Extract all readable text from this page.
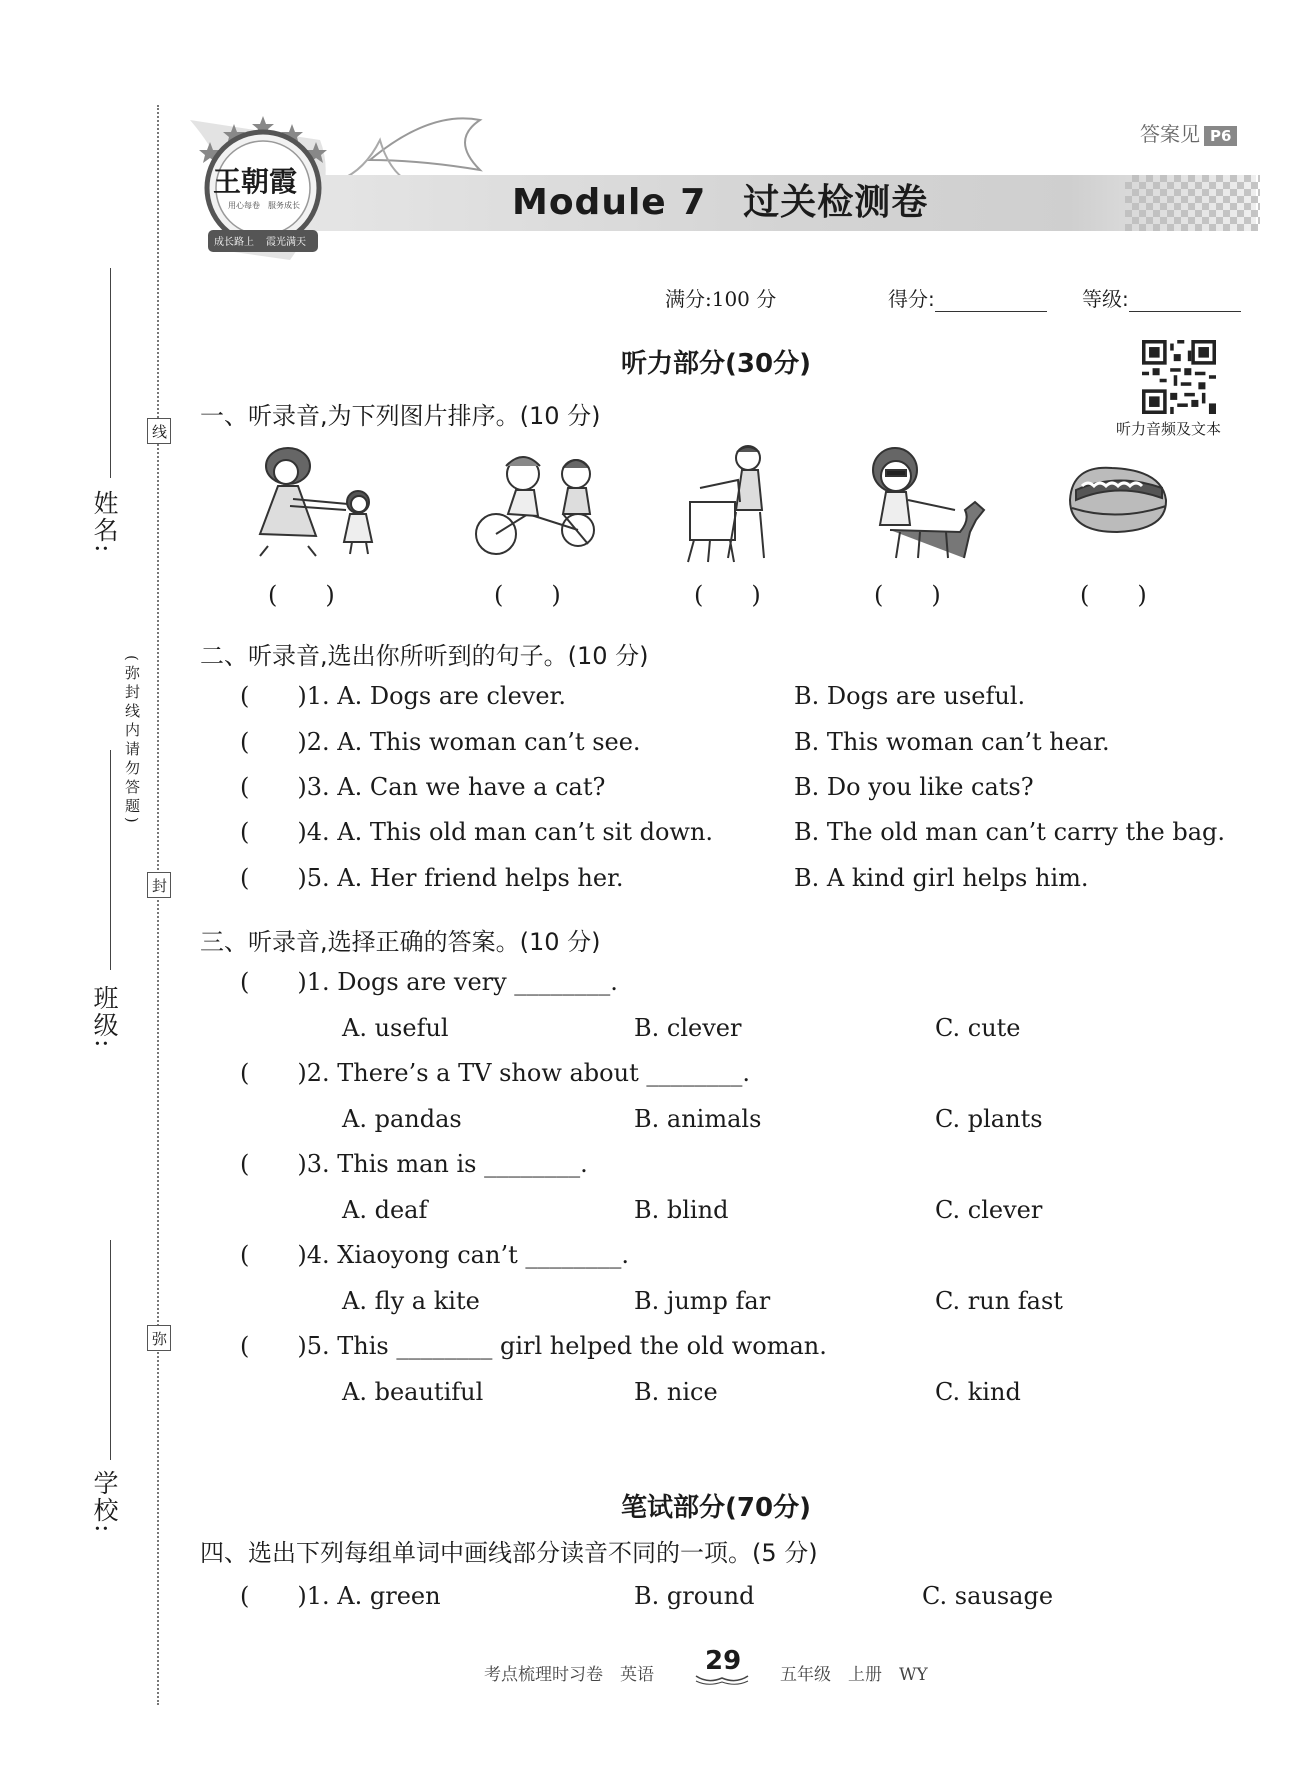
姓名:
班级:
学校:
线
(弥封线内请勿答题)
封
弥
答案见 P6
王朝霞
用心每卷　服务成长
成长路上 霞光满天
Module 7　过关检测卷
满分:100 分	得分:	等级:
听力部分(30分)
听力音频及文本
一、听录音,为下列图片排序。(10 分)
(　　)	(　　)	(　　)	(　　)	(　　)
二、听录音,选出你所听到的句子。(10 分)
( )1. A. Dogs are clever.	B. Dogs are useful.
( )2. A. This woman can’t see.	B. This woman can’t hear.
( )3. A. Can we have a cat?	B. Do you like cats?
( )4. A. This old man can’t sit down.	B. The old man can’t carry the bag.
( )5. A. Her friend helps her.	B. A kind girl helps him.
三、听录音,选择正确的答案。(10 分)
( )1. Dogs are very ________.
A. useful	B. clever	C. cute
( )2. There’s a TV show about ________.
A. pandas	B. animals	C. plants
( )3. This man is ________.
A. deaf	B. blind	C. clever
( )4. Xiaoyong can’t ________.
A. fly a kite	B. jump far	C. run fast
( )5. This ________ girl helped the old woman.
A. beautiful	B. nice	C. kind
笔试部分(70分)
四、选出下列每组单词中画线部分读音不同的一项。(5 分)
( )1. A. green	B. ground	C. sausage
考点梳理时习卷　英语 29 五年级　上册　WY
